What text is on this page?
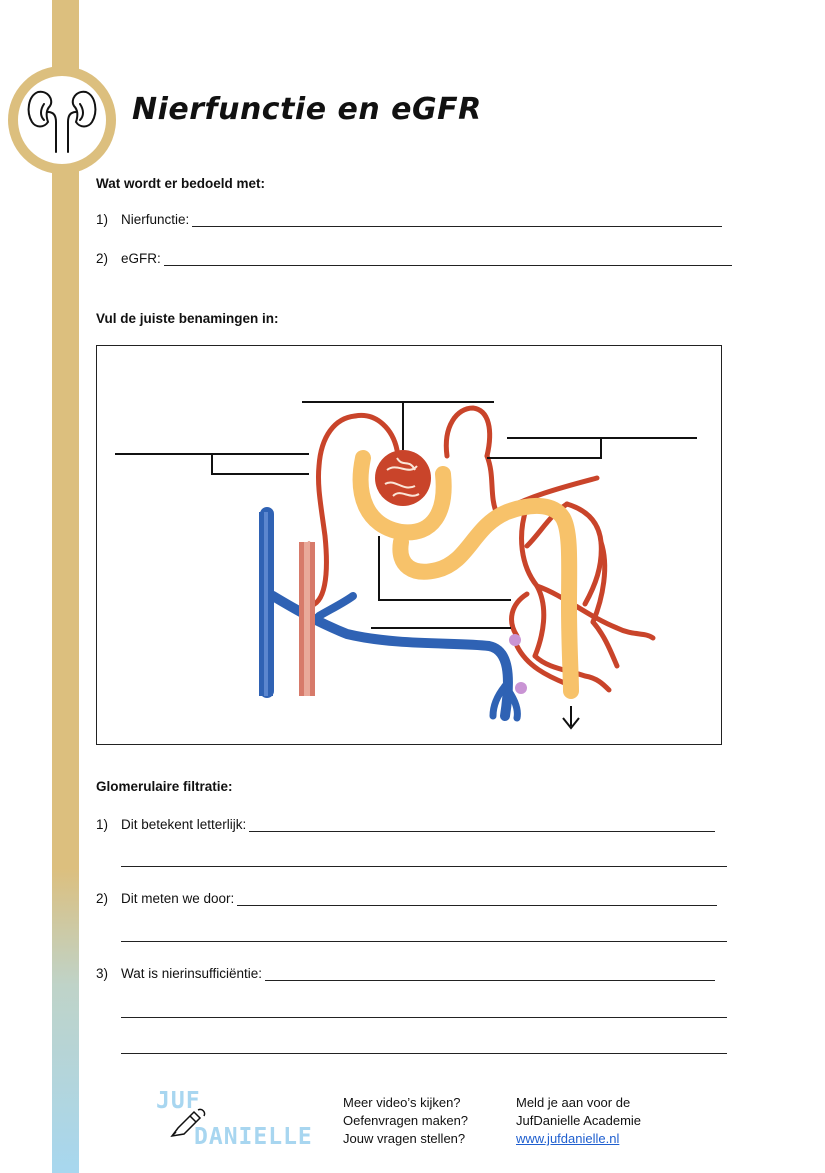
Nierfunctie en eGFR

Wat wordt er bedoeld met:

1) Nierfunctie:
2) eGFR:

Vul de juiste benamingen in:

Glomerulaire filtratie:

1) Dit betekent letterlijk:
2) Dit meten we door:
3) Wat is nierinsufficiëntie:
JUF
DANIELLE
Meer video’s kijken?
Oefenvragen maken?
Jouw vragen stellen?
Meld je aan voor de
JufDanielle Academie
www.jufdanielle.nl
